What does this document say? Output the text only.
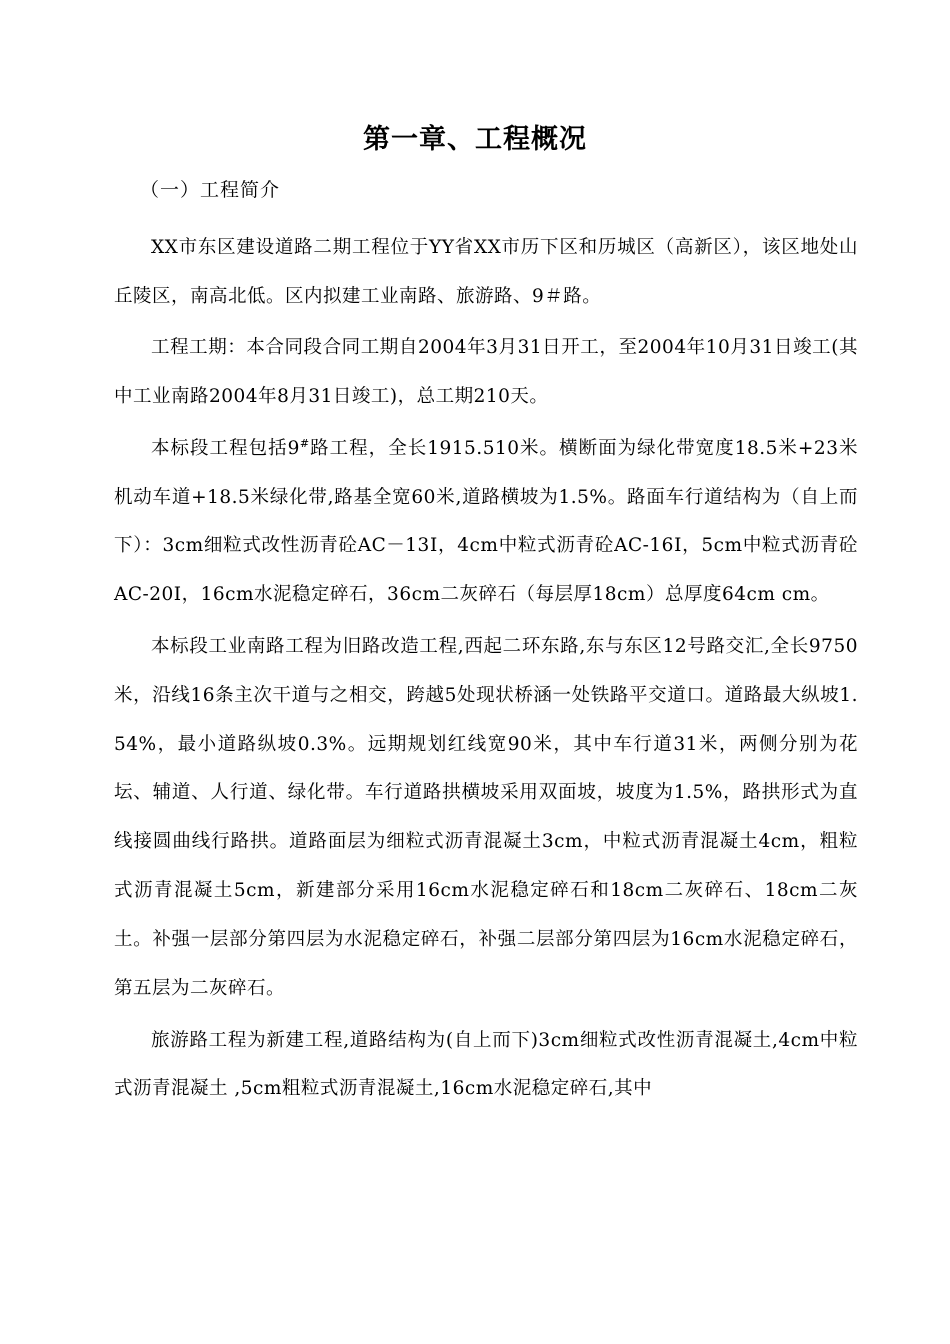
第一章、工程概况

（一）工程简介

XX市东区建设道路二期工程位于YY省XX市历下区和历城区（高新区），该区地处山丘陵区，南高北低。区内拟建工业南路、旅游路、9＃路。

工程工期：本合同段合同工期自2004年3月31日开工，至2004年10月31日竣工(其中工业南路2004年8月31日竣工)，总工期210天。

本标段工程包括9#路工程，全长1915.510米。横断面为绿化带宽度18.5米+23米机动车道+18.5米绿化带,路基全宽60米,道路横坡为1.5%。路面车行道结构为（自上而下）：3cm细粒式改性沥青砼AC－13Ⅰ，4cm中粒式沥青砼AC-16Ⅰ，5cm中粒式沥青砼AC-20Ⅰ，16cm水泥稳定碎石，36cm二灰碎石（每层厚18cm）总厚度64cm cm。

本标段工业南路工程为旧路改造工程,西起二环东路,东与东区12号路交汇,全长9750米，沿线16条主次干道与之相交，跨越5处现状桥涵一处铁路平交道口。道路最大纵坡1.54%，最小道路纵坡0.3%。远期规划红线宽90米，其中车行道31米，两侧分别为花坛、辅道、人行道、绿化带。车行道路拱横坡采用双面坡，坡度为1.5%，路拱形式为直线接圆曲线行路拱。道路面层为细粒式沥青混凝土3cm，中粒式沥青混凝土4cm，粗粒式沥青混凝土5cm，新建部分采用16cm水泥稳定碎石和18cm二灰碎石、18cm二灰土。补强一层部分第四层为水泥稳定碎石，补强二层部分第四层为16cm水泥稳定碎石，第五层为二灰碎石。

旅游路工程为新建工程,道路结构为(自上而下)3cm细粒式改性沥青混凝土,4cm中粒式沥青混凝土 ,5cm粗粒式沥青混凝土,16cm水泥稳定碎石,其中
